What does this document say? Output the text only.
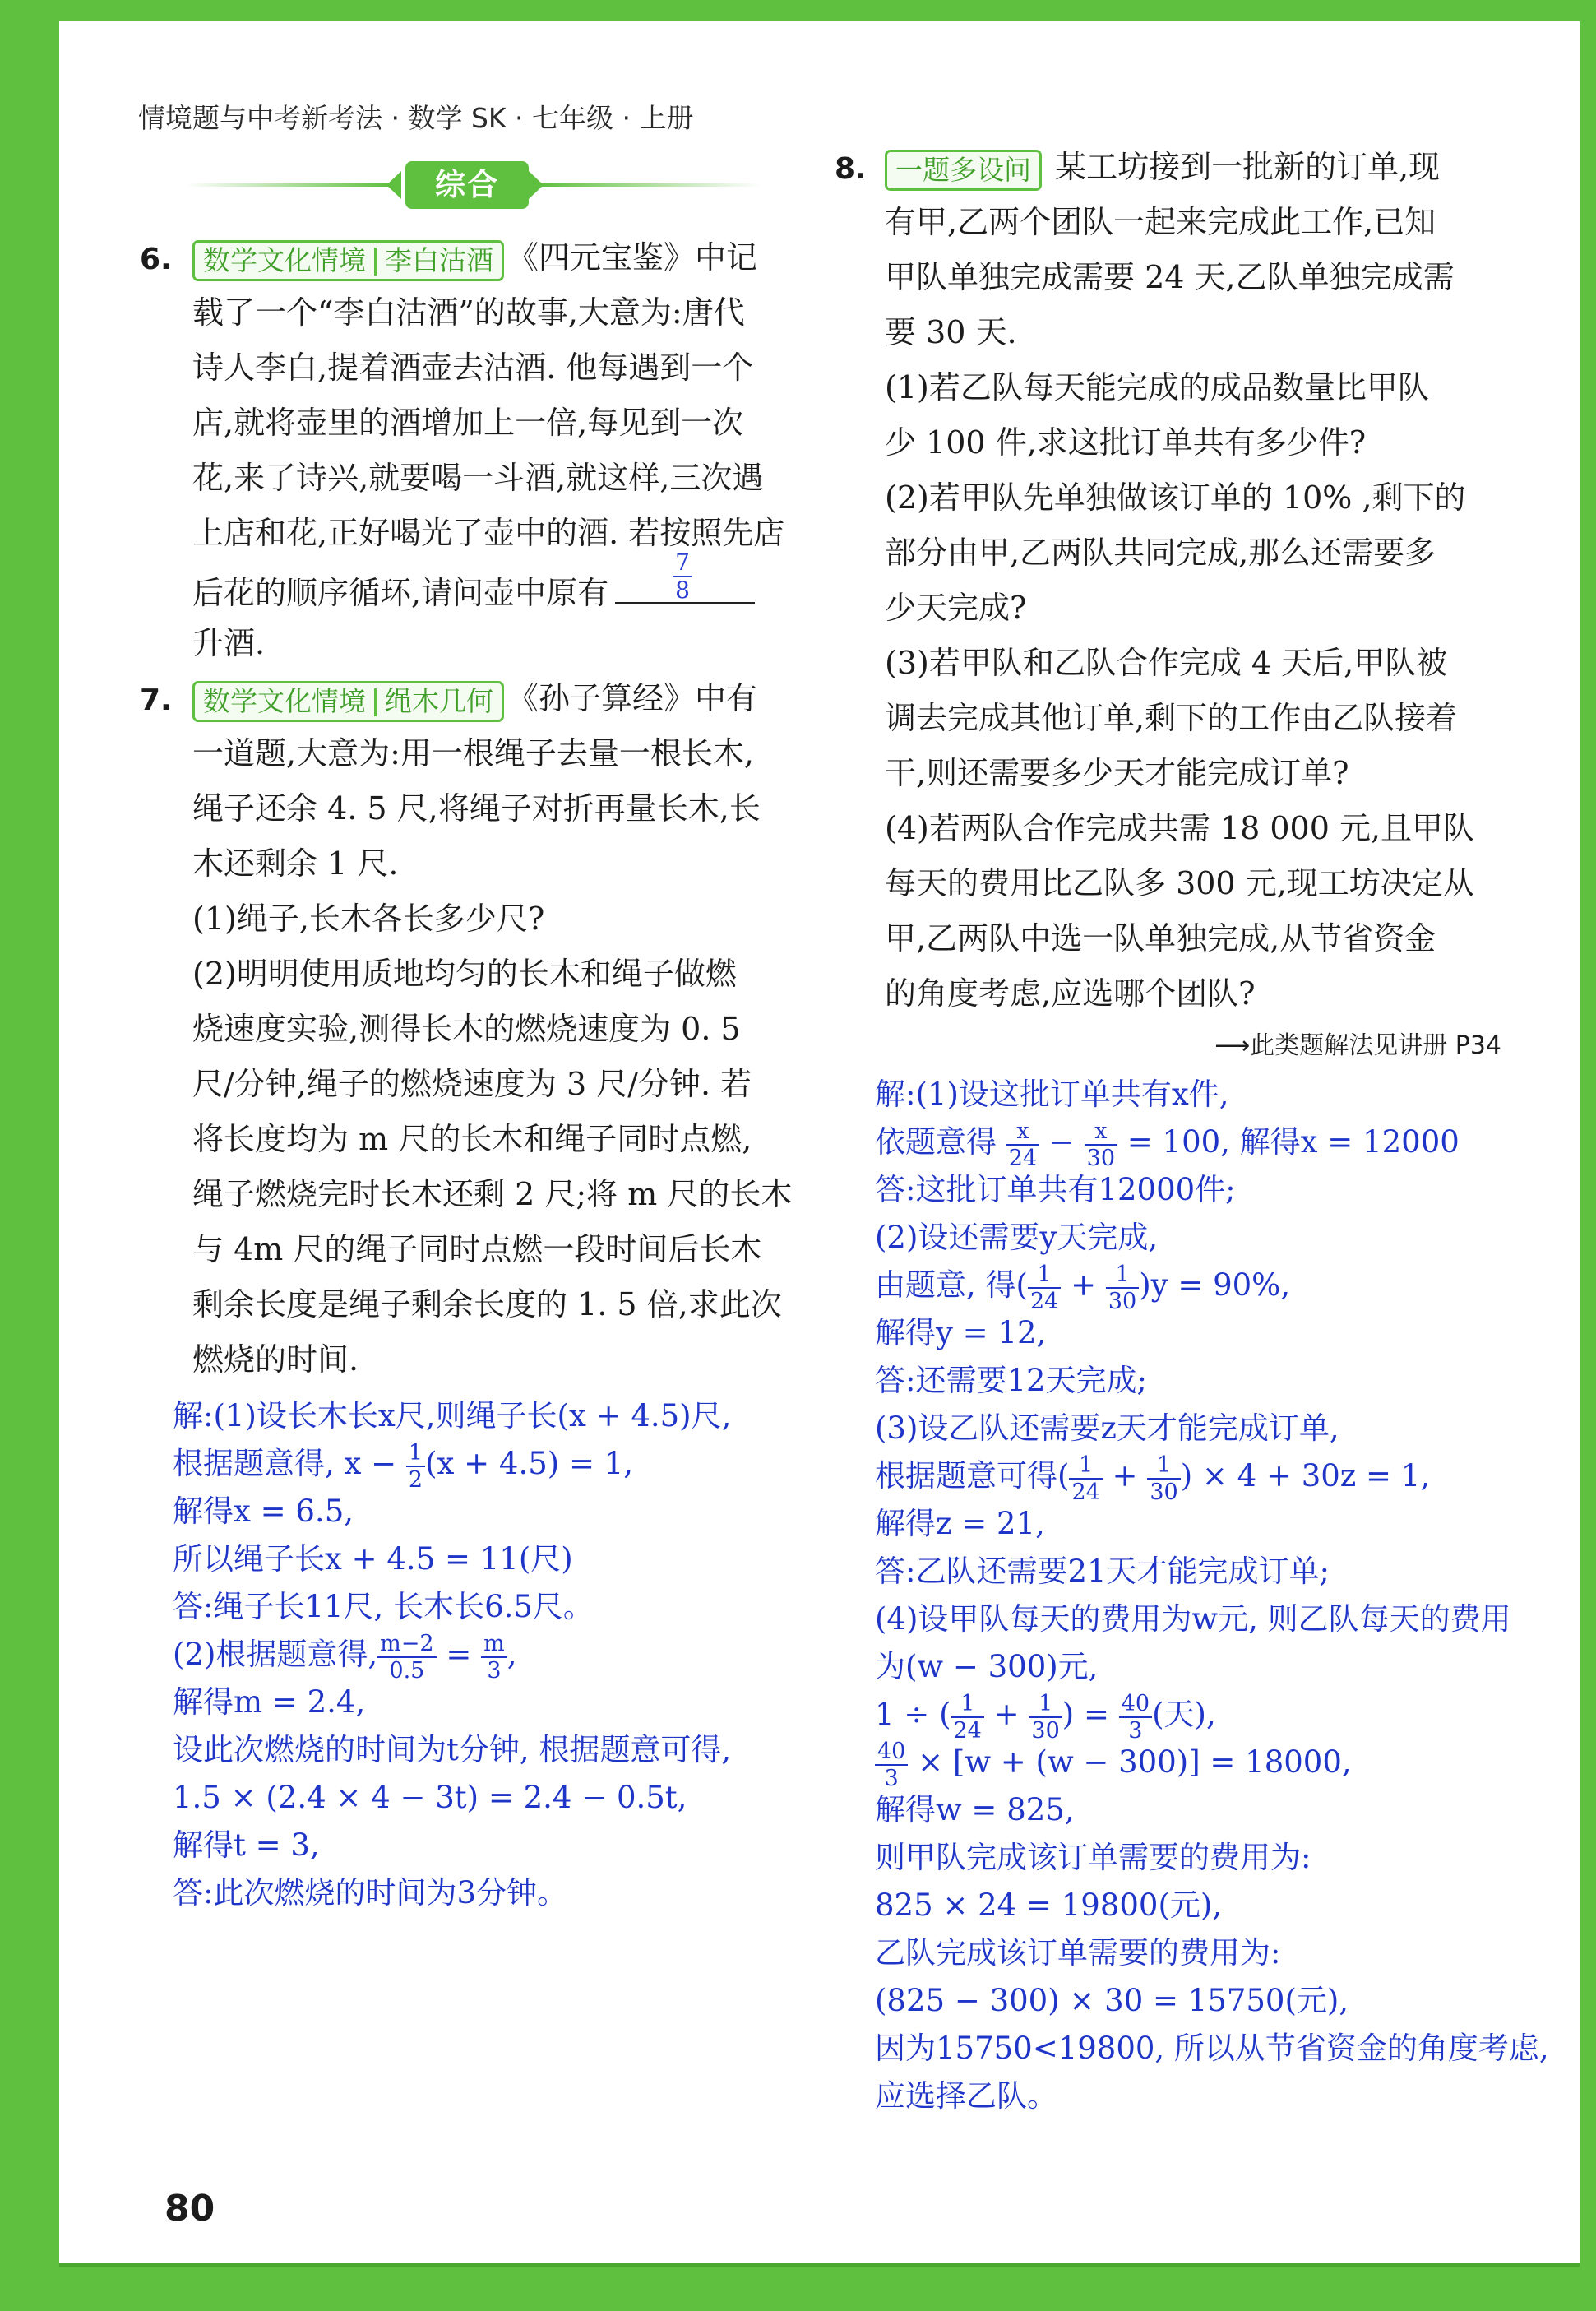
情境题与中考新考法 · 数学 SK · 七年级 · 上册
综合
6.	数学文化情境 李白沽酒 《四元宝鉴》中记
载了一个“李白沽酒”的故事,大意为:唐代
诗人李白,提着酒壶去沽酒. 他每遇到一个
店,就将壶里的酒增加上一倍,每见到一次
花,来了诗兴,就要喝一斗酒,就这样,三次遇
上店和花,正好喝光了壶中的酒. 若按照先店
后花的顺序循环,请问壶中原有	$\frac{7}{8}$
升酒.
7.	数学文化情境 绳木几何 《孙子算经》中有
一道题,大意为:用一根绳子去量一根长木,
绳子还余 4. 5 尺,将绳子对折再量长木,长
木还剩余 1 尺.
(1)绳子,长木各长多少尺?
(2)明明使用质地均匀的长木和绳子做燃
烧速度实验,测得长木的燃烧速度为 0. 5
尺/分钟,绳子的燃烧速度为 3 尺/分钟. 若
将长度均为 m 尺的长木和绳子同时点燃,
绳子燃烧完时长木还剩 2 尺;将 m 尺的长木
与 4m 尺的绳子同时点燃一段时间后长木
剩余长度是绳子剩余长度的 1. 5 倍,求此次
燃烧的时间.
解:(1)设长木长x尺,则绳子长(x + 4.5)尺,
根据题意得, $x - \frac{1}{2} (x + 4.5) = 1$,
解得x = 6.5,
所以绳子长x + 4.5 = 11(尺)
答:绳子长11尺, 长木长6.5尺。
(2)根据题意得, $\frac{m-2}{0.5} = \frac{m}{3}$ ,
解得m = 2.4,
设此次燃烧的时间为t分钟, 根据题意可得,
1.5 × (2.4 × 4 − 3t) = 2.4 − 0.5t,
解得t = 3,
答:此次燃烧的时间为3分钟。
8.	一题多设问 某工坊接到一批新的订单,现
有甲,乙两个团队一起来完成此工作,已知
甲队单独完成需要 24 天,乙队单独完成需
要 30 天.
(1)若乙队每天能完成的成品数量比甲队
少 100 件,求这批订单共有多少件?
(2)若甲队先单独做该订单的 10% ,剩下的
部分由甲,乙两队共同完成,那么还需要多
少天完成?
(3)若甲队和乙队合作完成 4 天后,甲队被
调去完成其他订单,剩下的工作由乙队接着
干,则还需要多少天才能完成订单?
(4)若两队合作完成共需 18 000 元,且甲队
每天的费用比乙队多 300 元,现工坊决定从
甲,乙两队中选一队单独完成,从节省资金
的角度考虑,应选哪个团队?
⟶此类题解法见讲册 P34
解:(1)设这批订单共有x件,
依题意得 $\frac{x}{24} - \frac{x}{30} = 100$, 解得x = 12000
答:这批订单共有12000件;
(2)设还需要y天完成,
由题意, 得( $\frac{1}{24} + \frac{1}{30} )y = 90\%$,
解得y = 12,
答:还需要12天完成;
(3)设乙队还需要z天才能完成订单,
根据题意可得( $\frac{1}{24} + \frac{1}{30}$ ) × 4 + 30z = 1,
解得z = 21,
答:乙队还需要21天才能完成订单;
(4)设甲队每天的费用为w元, 则乙队每天的费用
为(w − 300)元,
1 ÷ ( $\frac{1}{24} + \frac{1}{30}$ ) = $\frac{40}{3}$ (天),
$\frac{40}{3} \times [w + (w - 300)] = 18000$,
解得w = 825,
则甲队完成该订单需要的费用为:
825 × 24 = 19800(元),
乙队完成该订单需要的费用为:
(825 − 300) × 30 = 15750(元),
因为15750<19800, 所以从节省资金的角度考虑,
应选择乙队。
80
